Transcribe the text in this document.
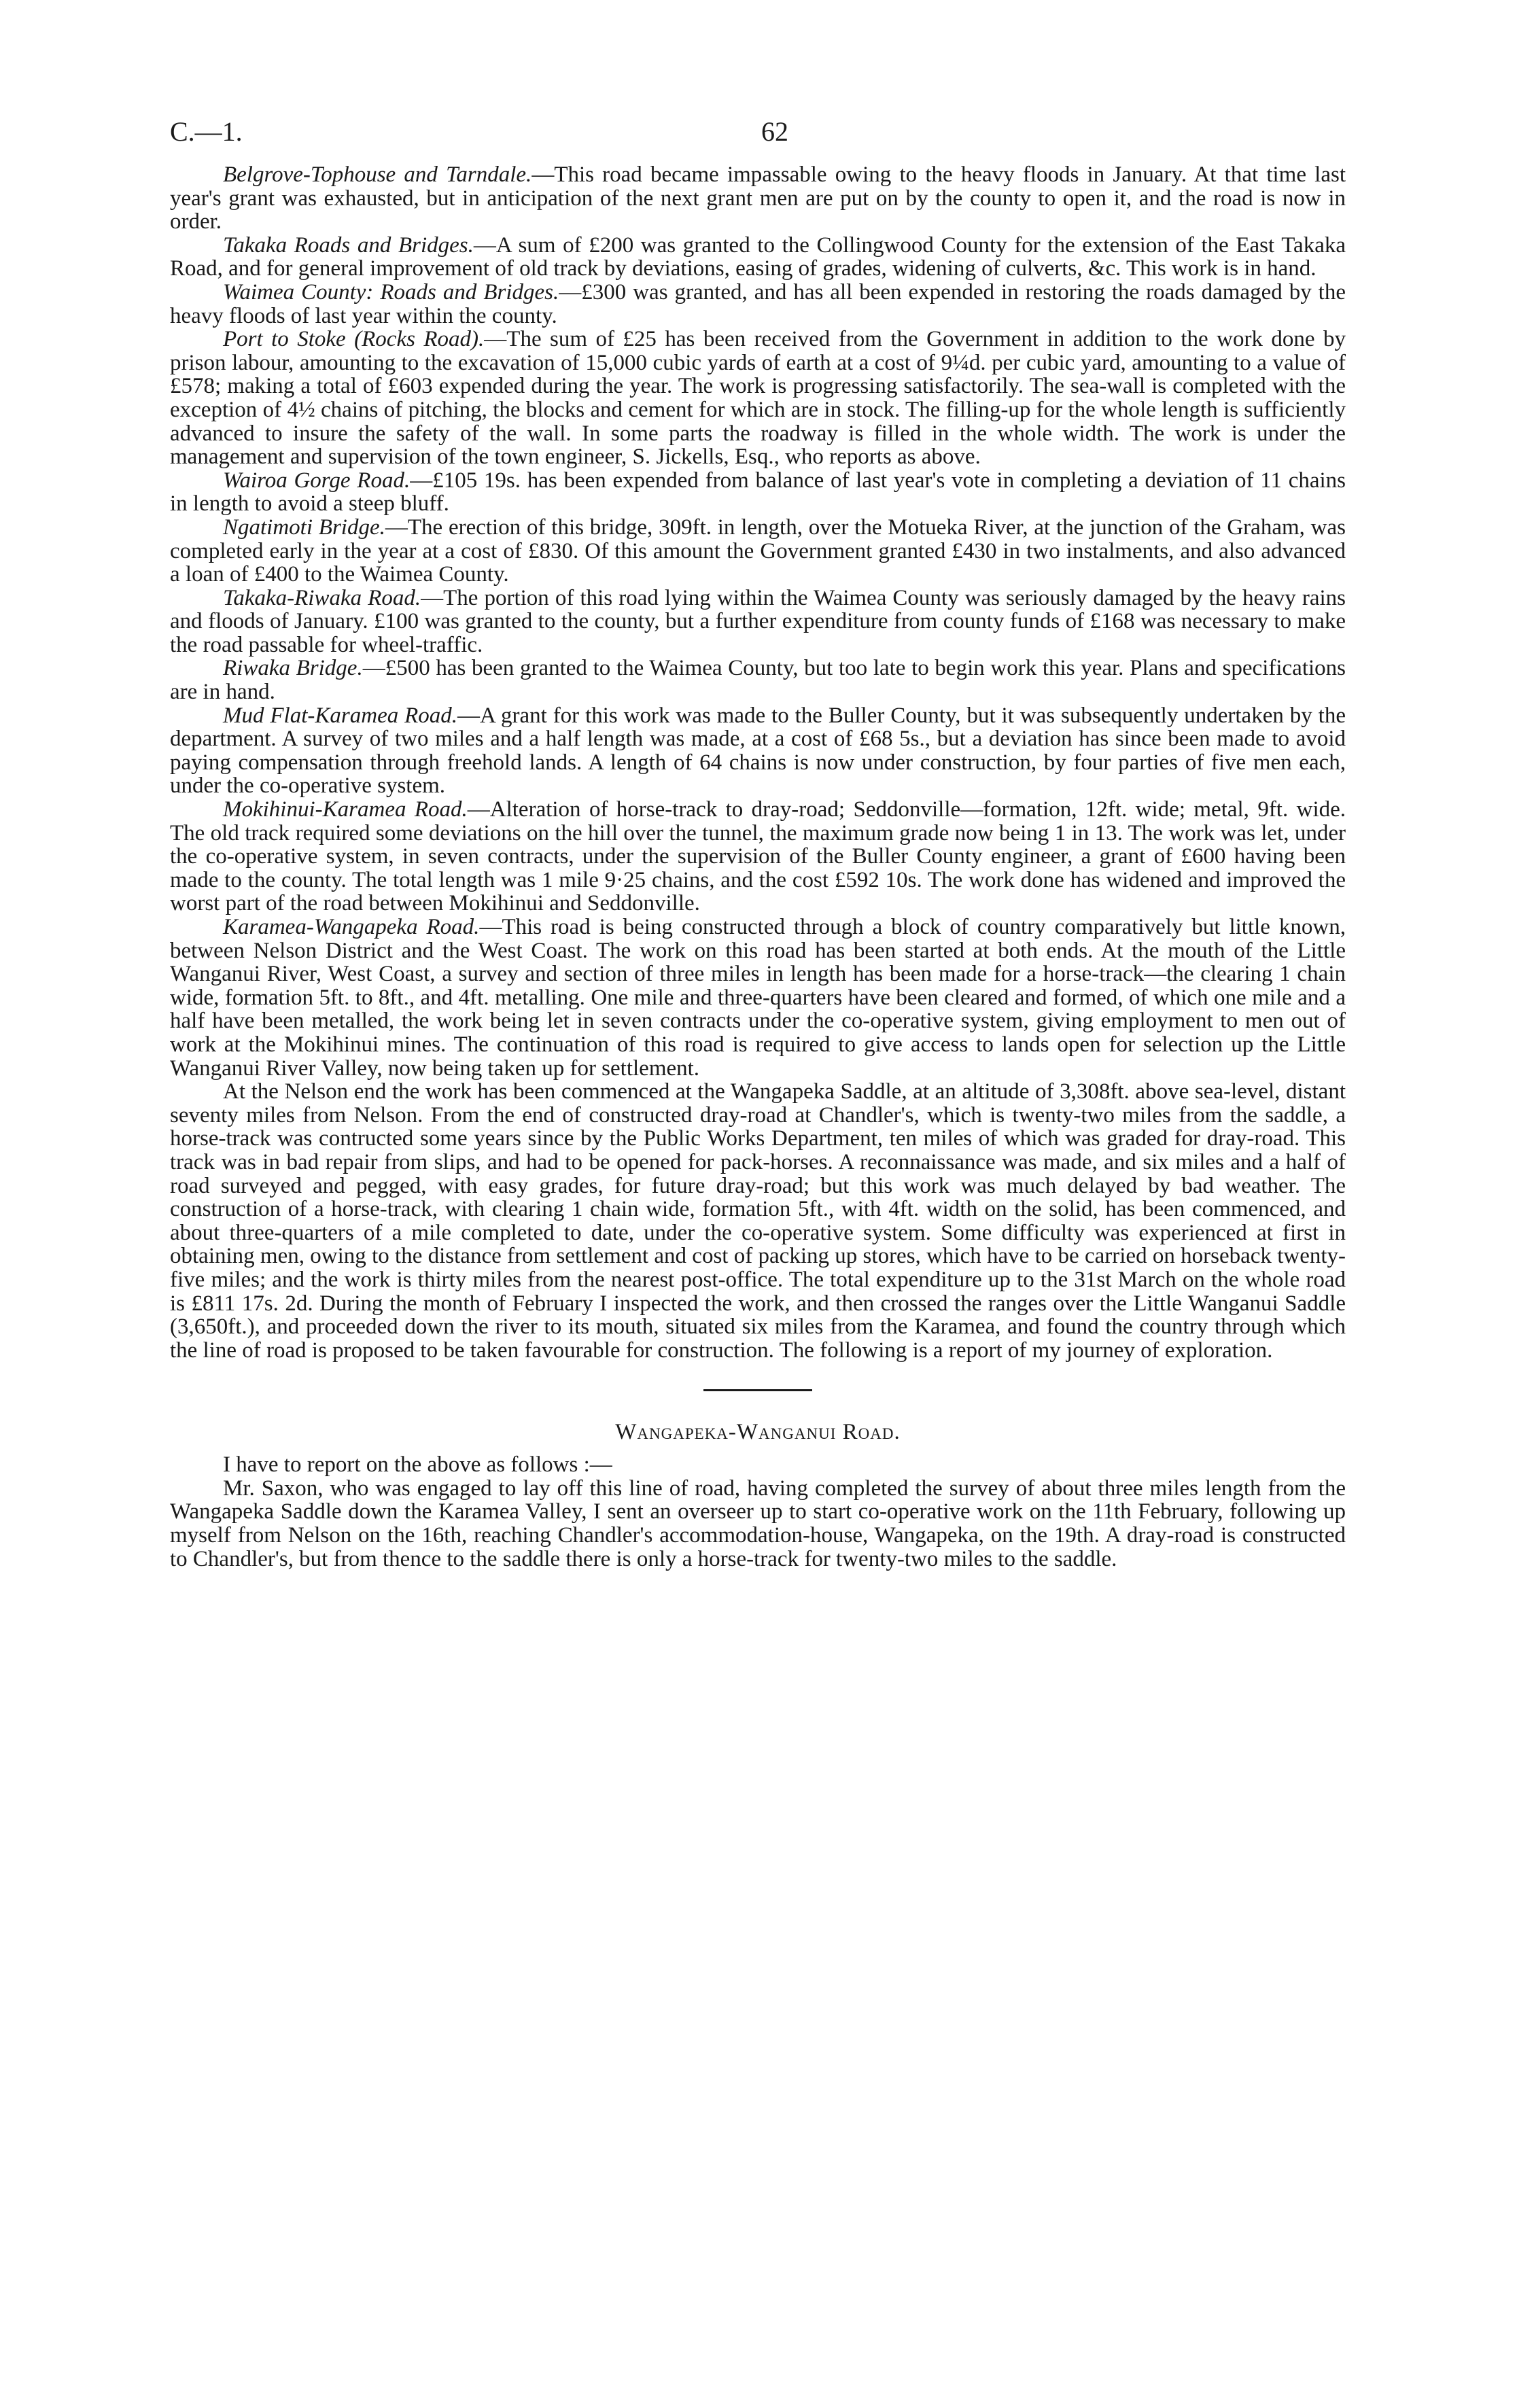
C.—1.	62

Belgrove-Tophouse and Tarndale.—This road became impassable owing to the heavy floods in January. At that time last year's grant was exhausted, but in anticipation of the next grant men are put on by the county to open it, and the road is now in order.

Takaka Roads and Bridges.—A sum of £200 was granted to the Collingwood County for the extension of the East Takaka Road, and for general improvement of old track by deviations, easing of grades, widening of culverts, &c. This work is in hand.

Waimea County: Roads and Bridges.—£300 was granted, and has all been expended in restoring the roads damaged by the heavy floods of last year within the county.

Port to Stoke (Rocks Road).—The sum of £25 has been received from the Government in addition to the work done by prison labour, amounting to the excavation of 15,000 cubic yards of earth at a cost of 9¼d. per cubic yard, amounting to a value of £578; making a total of £603 expended during the year. The work is progressing satisfactorily. The sea-wall is completed with the exception of 4½ chains of pitching, the blocks and cement for which are in stock. The filling-up for the whole length is sufficiently advanced to insure the safety of the wall. In some parts the roadway is filled in the whole width. The work is under the management and supervision of the town engineer, S. Jickells, Esq., who reports as above.

Wairoa Gorge Road.—£105 19s. has been expended from balance of last year's vote in completing a deviation of 11 chains in length to avoid a steep bluff.

Ngatimoti Bridge.—The erection of this bridge, 309ft. in length, over the Motueka River, at the junction of the Graham, was completed early in the year at a cost of £830. Of this amount the Government granted £430 in two instalments, and also advanced a loan of £400 to the Waimea County.

Takaka-Riwaka Road.—The portion of this road lying within the Waimea County was seriously damaged by the heavy rains and floods of January. £100 was granted to the county, but a further expenditure from county funds of £168 was necessary to make the road passable for wheel-traffic.

Riwaka Bridge.—£500 has been granted to the Waimea County, but too late to begin work this year. Plans and specifications are in hand.

Mud Flat-Karamea Road.—A grant for this work was made to the Buller County, but it was subsequently undertaken by the department. A survey of two miles and a half length was made, at a cost of £68 5s., but a deviation has since been made to avoid paying compensation through freehold lands. A length of 64 chains is now under construction, by four parties of five men each, under the co-operative system.

Mokihinui-Karamea Road.—Alteration of horse-track to dray-road; Seddonville—formation, 12ft. wide; metal, 9ft. wide. The old track required some deviations on the hill over the tunnel, the maximum grade now being 1 in 13. The work was let, under the co-operative system, in seven contracts, under the supervision of the Buller County engineer, a grant of £600 having been made to the county. The total length was 1 mile 9·25 chains, and the cost £592 10s. The work done has widened and improved the worst part of the road between Mokihinui and Seddonville.

Karamea-Wangapeka Road.—This road is being constructed through a block of country comparatively but little known, between Nelson District and the West Coast. The work on this road has been started at both ends. At the mouth of the Little Wanganui River, West Coast, a survey and section of three miles in length has been made for a horse-track—the clearing 1 chain wide, formation 5ft. to 8ft., and 4ft. metalling. One mile and three-quarters have been cleared and formed, of which one mile and a half have been metalled, the work being let in seven contracts under the co-operative system, giving employment to men out of work at the Mokihinui mines. The continuation of this road is required to give access to lands open for selection up the Little Wanganui River Valley, now being taken up for settlement.

At the Nelson end the work has been commenced at the Wangapeka Saddle, at an altitude of 3,308ft. above sea-level, distant seventy miles from Nelson. From the end of constructed dray-road at Chandler's, which is twenty-two miles from the saddle, a horse-track was contructed some years since by the Public Works Department, ten miles of which was graded for dray-road. This track was in bad repair from slips, and had to be opened for pack-horses. A reconnaissance was made, and six miles and a half of road surveyed and pegged, with easy grades, for future dray-road; but this work was much delayed by bad weather. The construction of a horse-track, with clearing 1 chain wide, formation 5ft., with 4ft. width on the solid, has been commenced, and about three-quarters of a mile completed to date, under the co-operative system. Some difficulty was experienced at first in obtaining men, owing to the distance from settlement and cost of packing up stores, which have to be carried on horseback twenty-five miles; and the work is thirty miles from the nearest post-office. The total expenditure up to the 31st March on the whole road is £811 17s. 2d. During the month of February I inspected the work, and then crossed the ranges over the Little Wanganui Saddle (3,650ft.), and proceeded down the river to its mouth, situated six miles from the Karamea, and found the country through which the line of road is proposed to be taken favourable for construction. The following is a report of my journey of exploration.

Wangapeka-Wanganui Road.

I have to report on the above as follows :—

Mr. Saxon, who was engaged to lay off this line of road, having completed the survey of about three miles length from the Wangapeka Saddle down the Karamea Valley, I sent an overseer up to start co-operative work on the 11th February, following up myself from Nelson on the 16th, reaching Chandler's accommodation-house, Wangapeka, on the 19th. A dray-road is constructed to Chandler's, but from thence to the saddle there is only a horse-track for twenty-two miles to the saddle.
